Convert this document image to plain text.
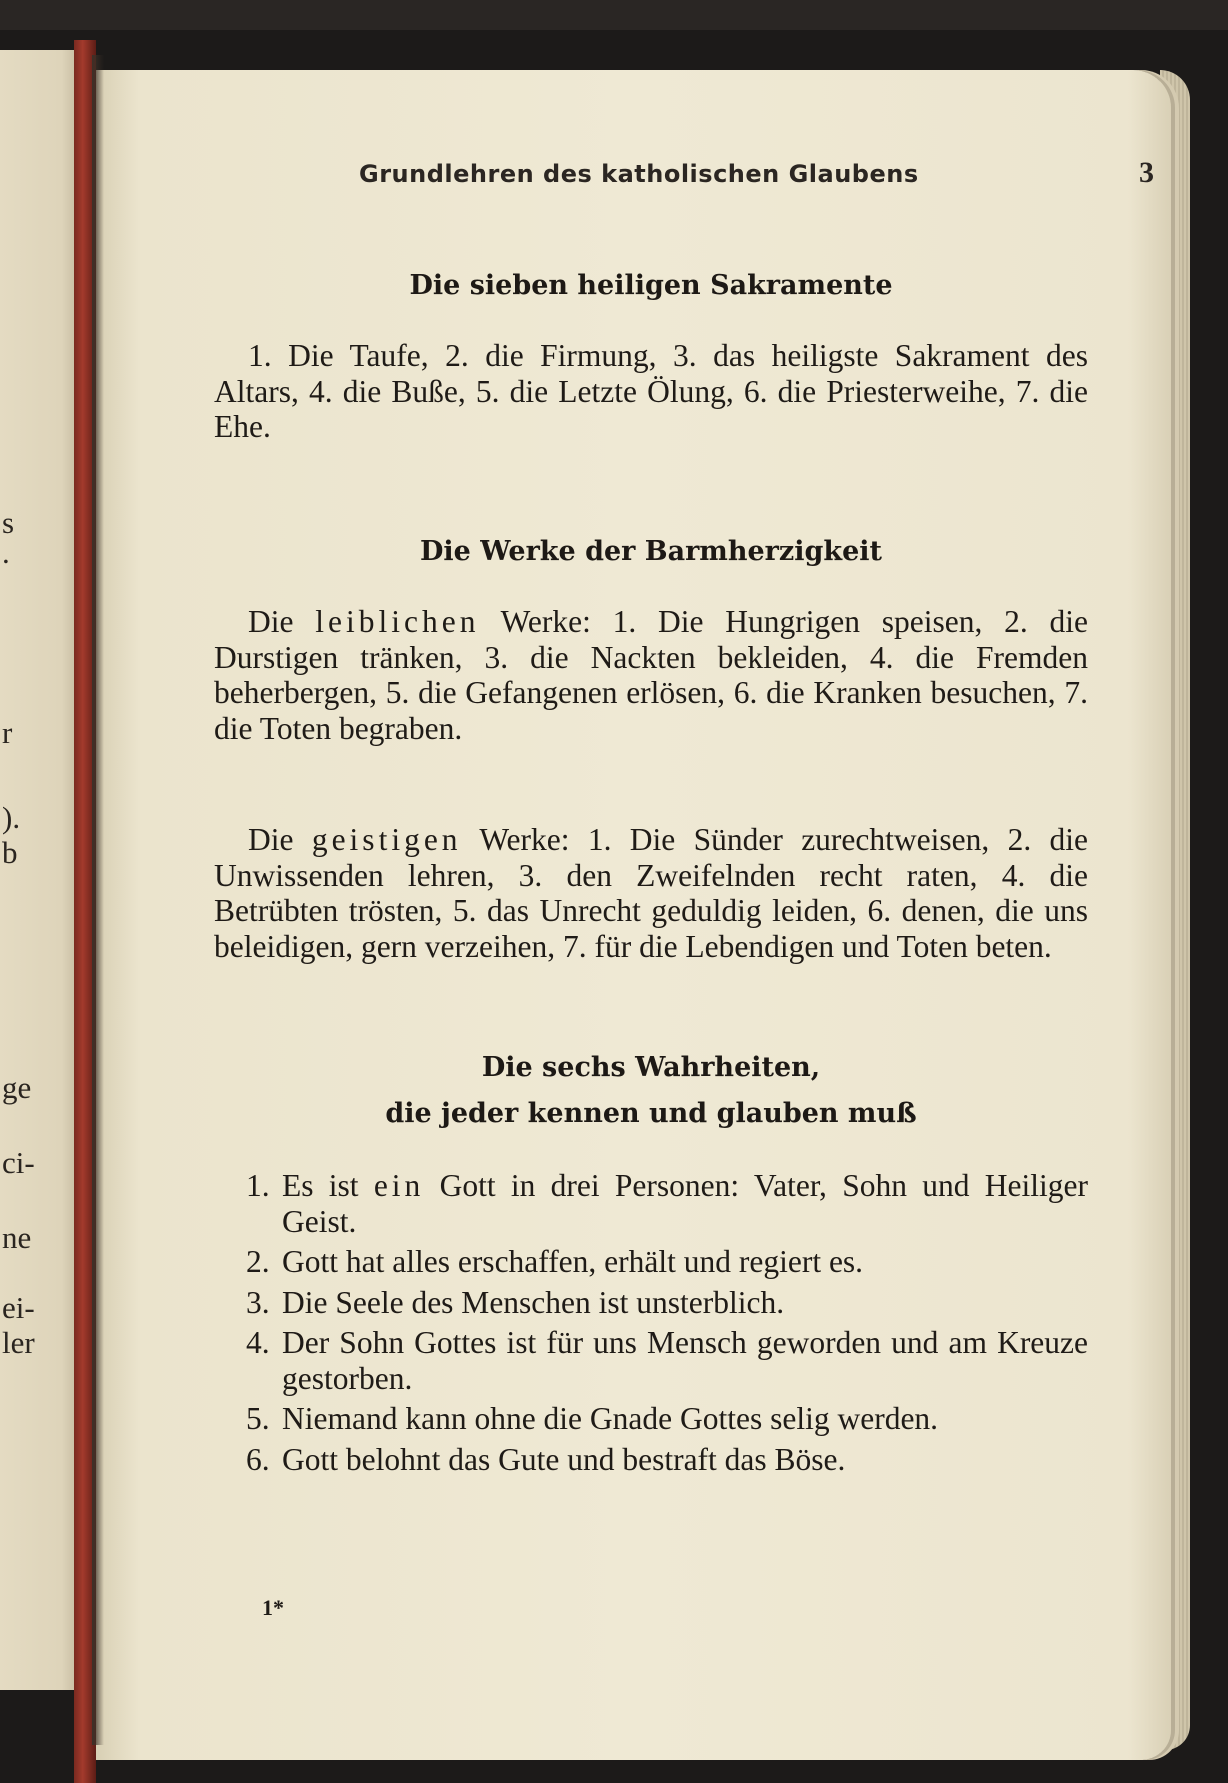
s
.
r
).
b
ge
ci-
ne
ei-
ler
Grundlehren des katholischen Glaubens	3
Die sieben heiligen Sakramente

1. Die Taufe, 2. die Firmung, 3. das heiligste Sakrament des Altars, 4. die Buße, 5. die Letzte Ölung, 6. die Priesterweihe, 7. die Ehe.

Die Werke der Barmherzigkeit

Die leiblichen Werke: 1. Die Hungrigen speisen, 2. die Durstigen tränken, 3. die Nackten bekleiden, 4. die Fremden beherbergen, 5. die Gefangenen erlösen, 6. die Kranken besuchen, 7. die Toten begraben.

Die geistigen Werke: 1. Die Sünder zurechtweisen, 2. die Unwissenden lehren, 3. den Zweifelnden recht raten, 4. die Betrübten trösten, 5. das Unrecht geduldig leiden, 6. denen, die uns beleidigen, gern verzeihen, 7. für die Lebendigen und Toten beten.

Die sechs Wahrheiten,
die jeder kennen und glauben muß
1. Es ist ein Gott in drei Personen: Vater, Sohn und Heiliger Geist.
2. Gott hat alles erschaffen, erhält und regiert es.
3. Die Seele des Menschen ist unsterblich.
4. Der Sohn Gottes ist für uns Mensch geworden und am Kreuze gestorben.
5. Niemand kann ohne die Gnade Gottes selig werden.
6. Gott belohnt das Gute und bestraft das Böse.
1*
